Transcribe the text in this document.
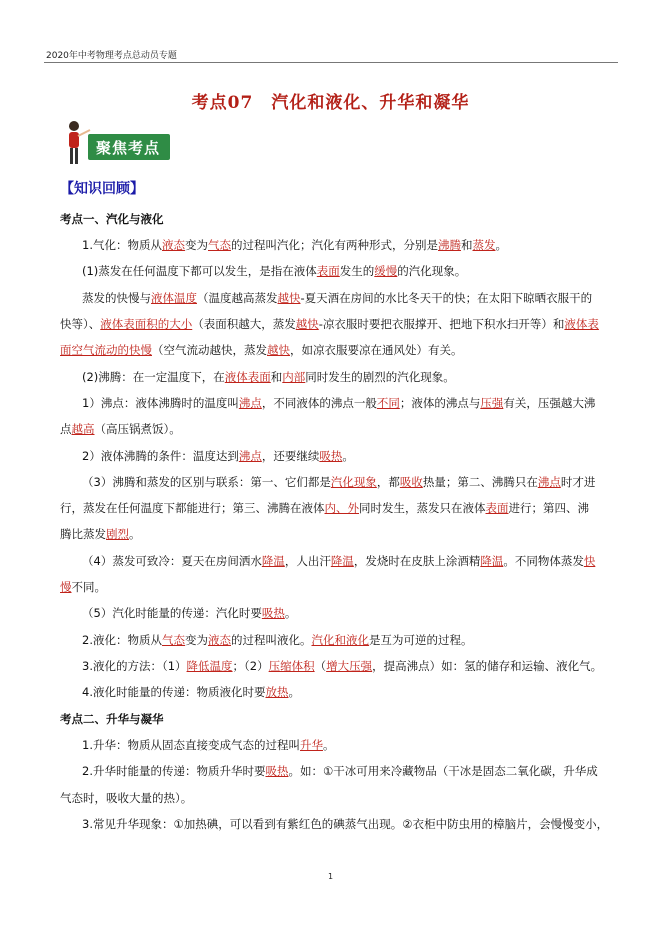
2020年中考物理考点总动员专题
考点07　汽化和液化、升华和凝华
聚焦考点
【知识回顾】
考点一、汽化与液化
1.气化：物质从液态变为气态的过程叫汽化；汽化有两种形式，分别是沸腾和蒸发。
(1)蒸发在任何温度下都可以发生，是指在液体表面发生的缓慢的汽化现象。
蒸发的快慢与液体温度（温度越高蒸发越快-夏天酒在房间的水比冬天干的快；在太阳下晾晒衣服干的
快等）、液体表面积的大小（表面积越大，蒸发越快-凉衣服时要把衣服撑开、把地下积水扫开等）和液体表
面空气流动的快慢（空气流动越快，蒸发越快，如凉衣服要凉在通风处）有关。
(2)沸腾：在一定温度下，在液体表面和内部同时发生的剧烈的汽化现象。
1）沸点：液体沸腾时的温度叫沸点，不同液体的沸点一般不同；液体的沸点与压强有关，压强越大沸
点越高（高压锅煮饭）。
2）液体沸腾的条件：温度达到沸点，还要继续吸热。
（3）沸腾和蒸发的区别与联系：第一、它们都是汽化现象，都吸收热量；第二、沸腾只在沸点时才进
行，蒸发在任何温度下都能进行；第三、沸腾在液体内、外同时发生，蒸发只在液体表面进行；第四、沸
腾比蒸发剧烈。
（4）蒸发可致冷：夏天在房间洒水降温，人出汗降温，发烧时在皮肤上涂酒精降温。不同物体蒸发快
慢不同。
（5）汽化时能量的传递：汽化时要吸热。
2.液化：物质从气态变为液态的过程叫液化。汽化和液化是互为可逆的过程。
3.液化的方法：（1）降低温度；（2）压缩体积（增大压强，提高沸点）如：氢的储存和运输、液化气。
4.液化时能量的传递：物质液化时要放热。
考点二、升华与凝华
1.升华：物质从固态直接变成气态的过程叫升华。
2.升华时能量的传递：物质升华时要吸热。如：①干冰可用来冷藏物品（干冰是固态二氧化碳，升华成
气态时，吸收大量的热）。
3.常见升华现象：①加热碘，可以看到有紫红色的碘蒸气出现。②衣柜中防虫用的樟脑片，会慢慢变小，
1
